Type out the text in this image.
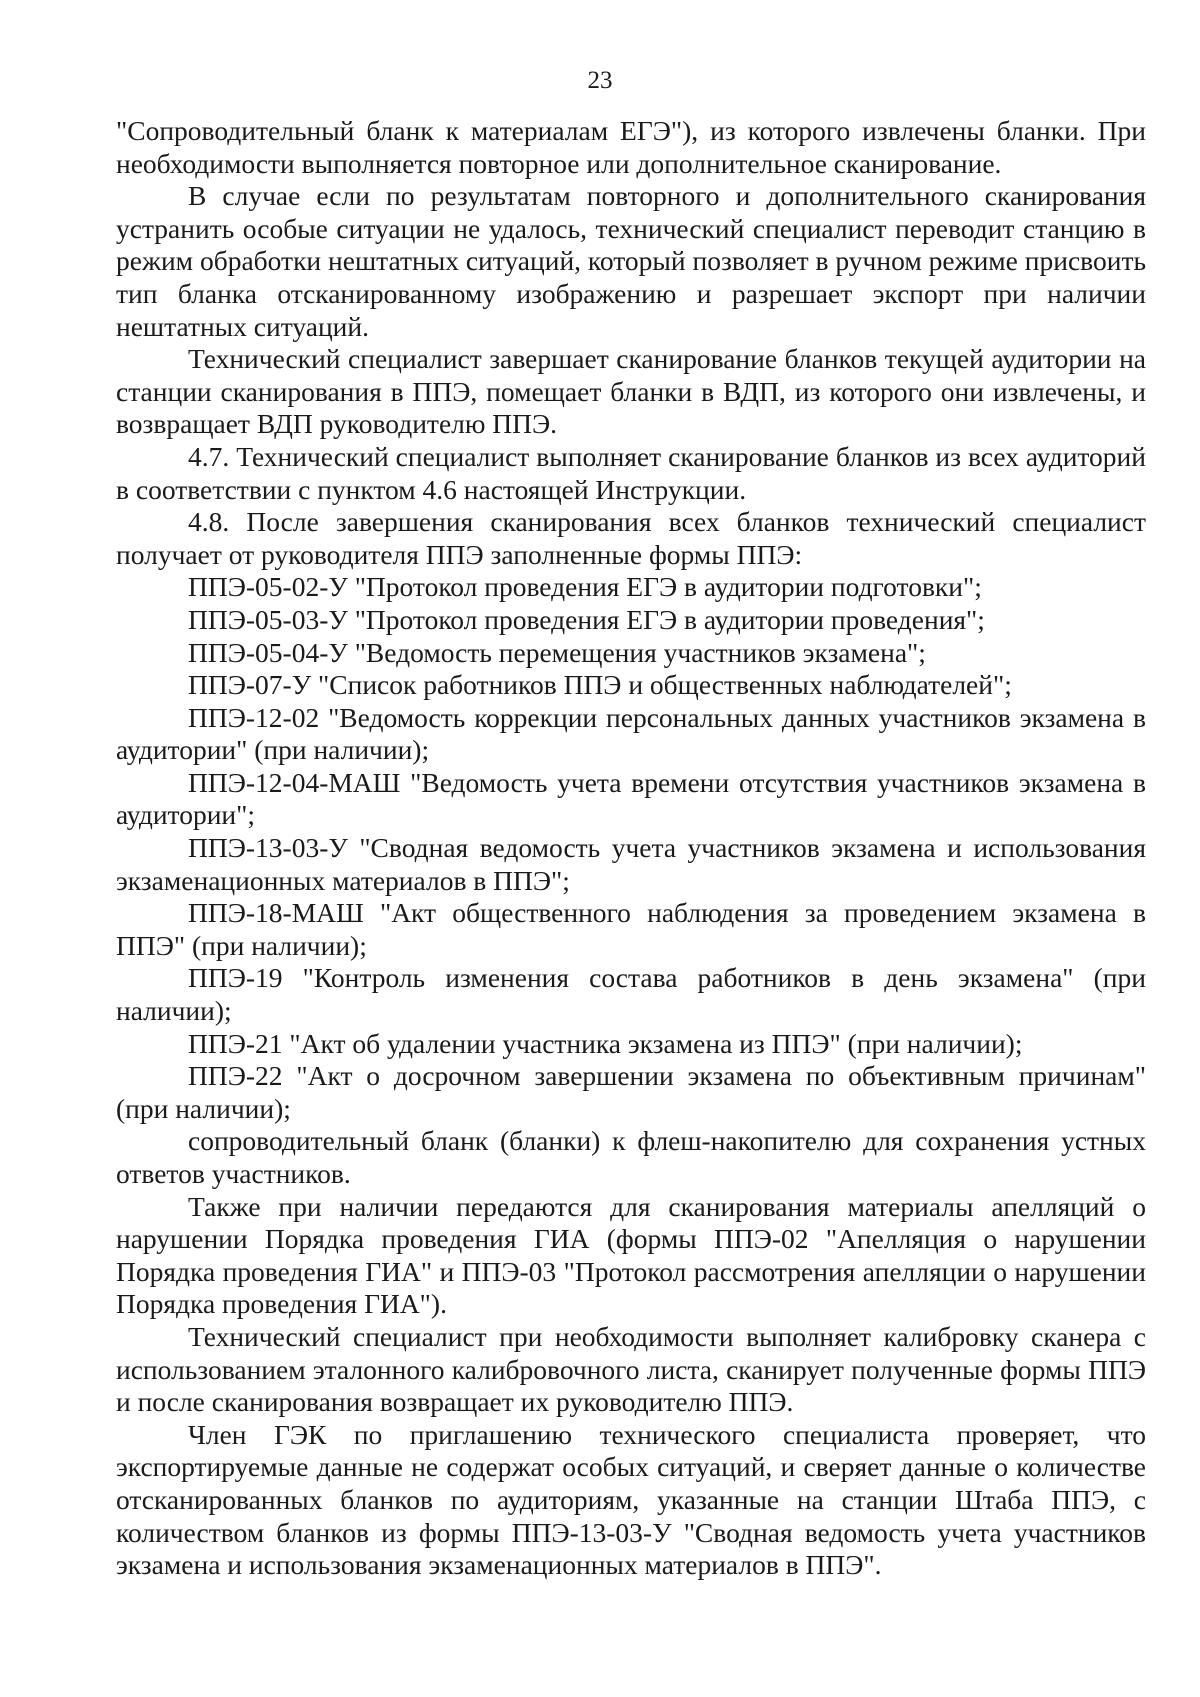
23

"Сопроводительный бланк к материалам ЕГЭ"), из которого извлечены бланки. При необходимости выполняется повторное или дополнительное сканирование.

В случае если по результатам повторного и дополнительного сканирования устранить особые ситуации не удалось, технический специалист переводит станцию в режим обработки нештатных ситуаций, который позволяет в ручном режиме присвоить тип бланка отсканированному изображению и разрешает экспорт при наличии нештатных ситуаций.

Технический специалист завершает сканирование бланков текущей аудитории на станции сканирования в ППЭ, помещает бланки в ВДП, из которого они извлечены, и возвращает ВДП руководителю ППЭ.

4.7. Технический специалист выполняет сканирование бланков из всех аудиторий в соответствии с пунктом 4.6 настоящей Инструкции.

4.8. После завершения сканирования всех бланков технический специалист получает от руководителя ППЭ заполненные формы ППЭ:

ППЭ-05-02-У "Протокол проведения ЕГЭ в аудитории подготовки";

ППЭ-05-03-У "Протокол проведения ЕГЭ в аудитории проведения";

ППЭ-05-04-У "Ведомость перемещения участников экзамена";

ППЭ-07-У "Список работников ППЭ и общественных наблюдателей";

ППЭ-12-02 "Ведомость коррекции персональных данных участников экзамена в аудитории" (при наличии);

ППЭ-12-04-МАШ "Ведомость учета времени отсутствия участников экзамена в аудитории";

ППЭ-13-03-У "Сводная ведомость учета участников экзамена и использования экзаменационных материалов в ППЭ";

ППЭ-18-МАШ "Акт общественного наблюдения за проведением экзамена в ППЭ" (при наличии);

ППЭ-19 "Контроль изменения состава работников в день экзамена" (при наличии);

ППЭ-21 "Акт об удалении участника экзамена из ППЭ" (при наличии);

ППЭ-22 "Акт о досрочном завершении экзамена по объективным причинам" (при наличии);

сопроводительный бланк (бланки) к флеш-накопителю для сохранения устных ответов участников.

Также при наличии передаются для сканирования материалы апелляций о нарушении Порядка проведения ГИА (формы ППЭ-02 "Апелляция о нарушении Порядка проведения ГИА" и ППЭ-03 "Протокол рассмотрения апелляции о нарушении Порядка проведения ГИА").

Технический специалист при необходимости выполняет калибровку сканера с использованием эталонного калибровочного листа, сканирует полученные формы ППЭ и после сканирования возвращает их руководителю ППЭ.

Член ГЭК по приглашению технического специалиста проверяет, что экспортируемые данные не содержат особых ситуаций, и сверяет данные о количестве отсканированных бланков по аудиториям, указанные на станции Штаба ППЭ, с количеством бланков из формы ППЭ-13-03-У "Сводная ведомость учета участников экзамена и использования экзаменационных материалов в ППЭ".
